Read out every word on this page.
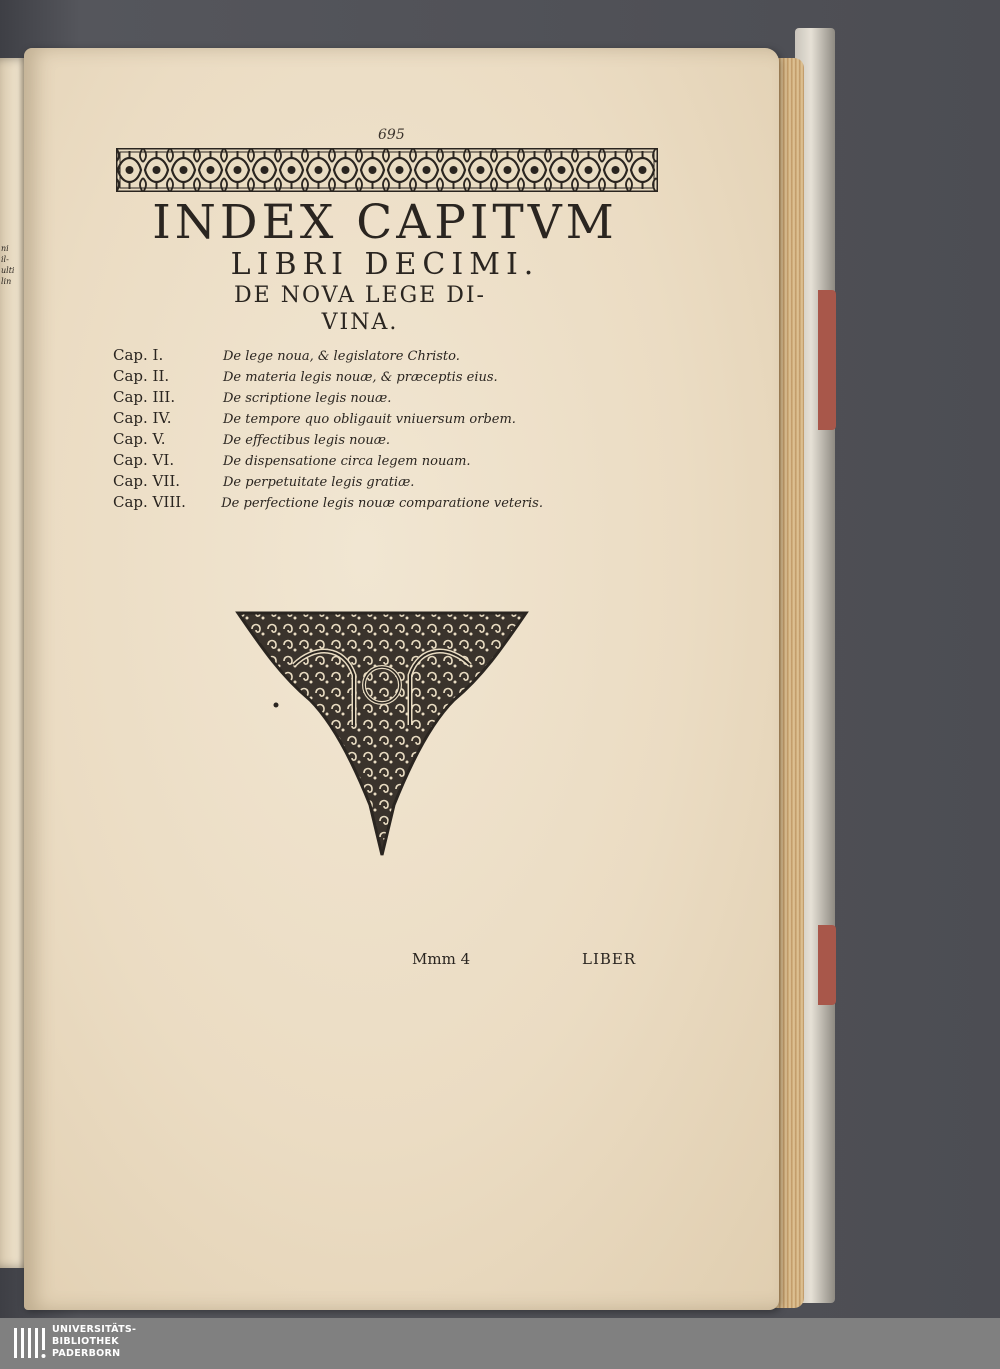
ni
il-
ulti
lin
695
INDEX CAPITVM
LIBRI DECIMI.
DE NOVA LEGE DI-
VINA.
Cap. I.	De lege noua, & legislatore Christo.
Cap. II.	De materia legis nouæ, & præceptis eius.
Cap. III.	De scriptione legis nouæ.
Cap. IV.	De tempore quo obligauit vniuersum orbem.
Cap. V.	De effectibus legis nouæ.
Cap. VI.	De dispensatione circa legem nouam.
Cap. VII.	De perpetuitate legis gratiæ.
Cap. VIII.	De perfectione legis nouæ comparatione veteris.
Mmm 4	LIBER
UNIVERSITÄTS-
BIBLIOTHEK
PADERBORN
